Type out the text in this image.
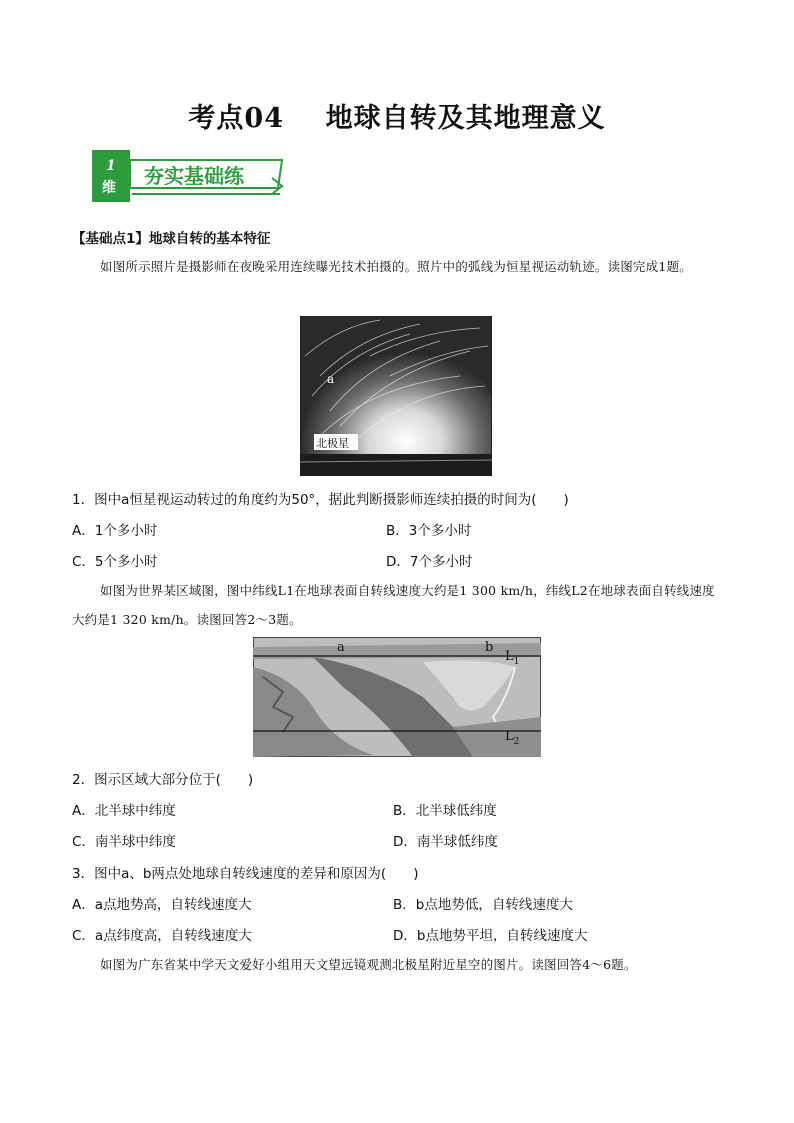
考点04    地球自转及其地理意义
1
维 夯实基础练
【基础点1】地球自转的基本特征
如图所示照片是摄影师在夜晚采用连续曝光技术拍摄的。照片中的弧线为恒星视运动轨迹。读图完成1题。
a
北极星
1．图中a恒星视运动转过的角度约为50°，据此判断摄影师连续拍摄的时间为(　　)
A．1个多小时	B．3个多小时
C．5个多小时	D．7个多小时
如图为世界某区域图，图中纬线L1在地球表面自转线速度大约是1 300 km/h，纬线L2在地球表面自转线速度大约是1 320 km/h。读图回答2～3题。
a	b
$L_1$
$L_2$
2．图示区域大部分位于(　　)
A．北半球中纬度	B．北半球低纬度
C．南半球中纬度	D．南半球低纬度
3．图中a、b两点处地球自转线速度的差异和原因为(　　)
A．a点地势高，自转线速度大	B．b点地势低，自转线速度大
C．a点纬度高，自转线速度大	D．b点地势平坦，自转线速度大
如图为广东省某中学天文爱好小组用天文望远镜观测北极星附近星空的图片。读图回答4～6题。
